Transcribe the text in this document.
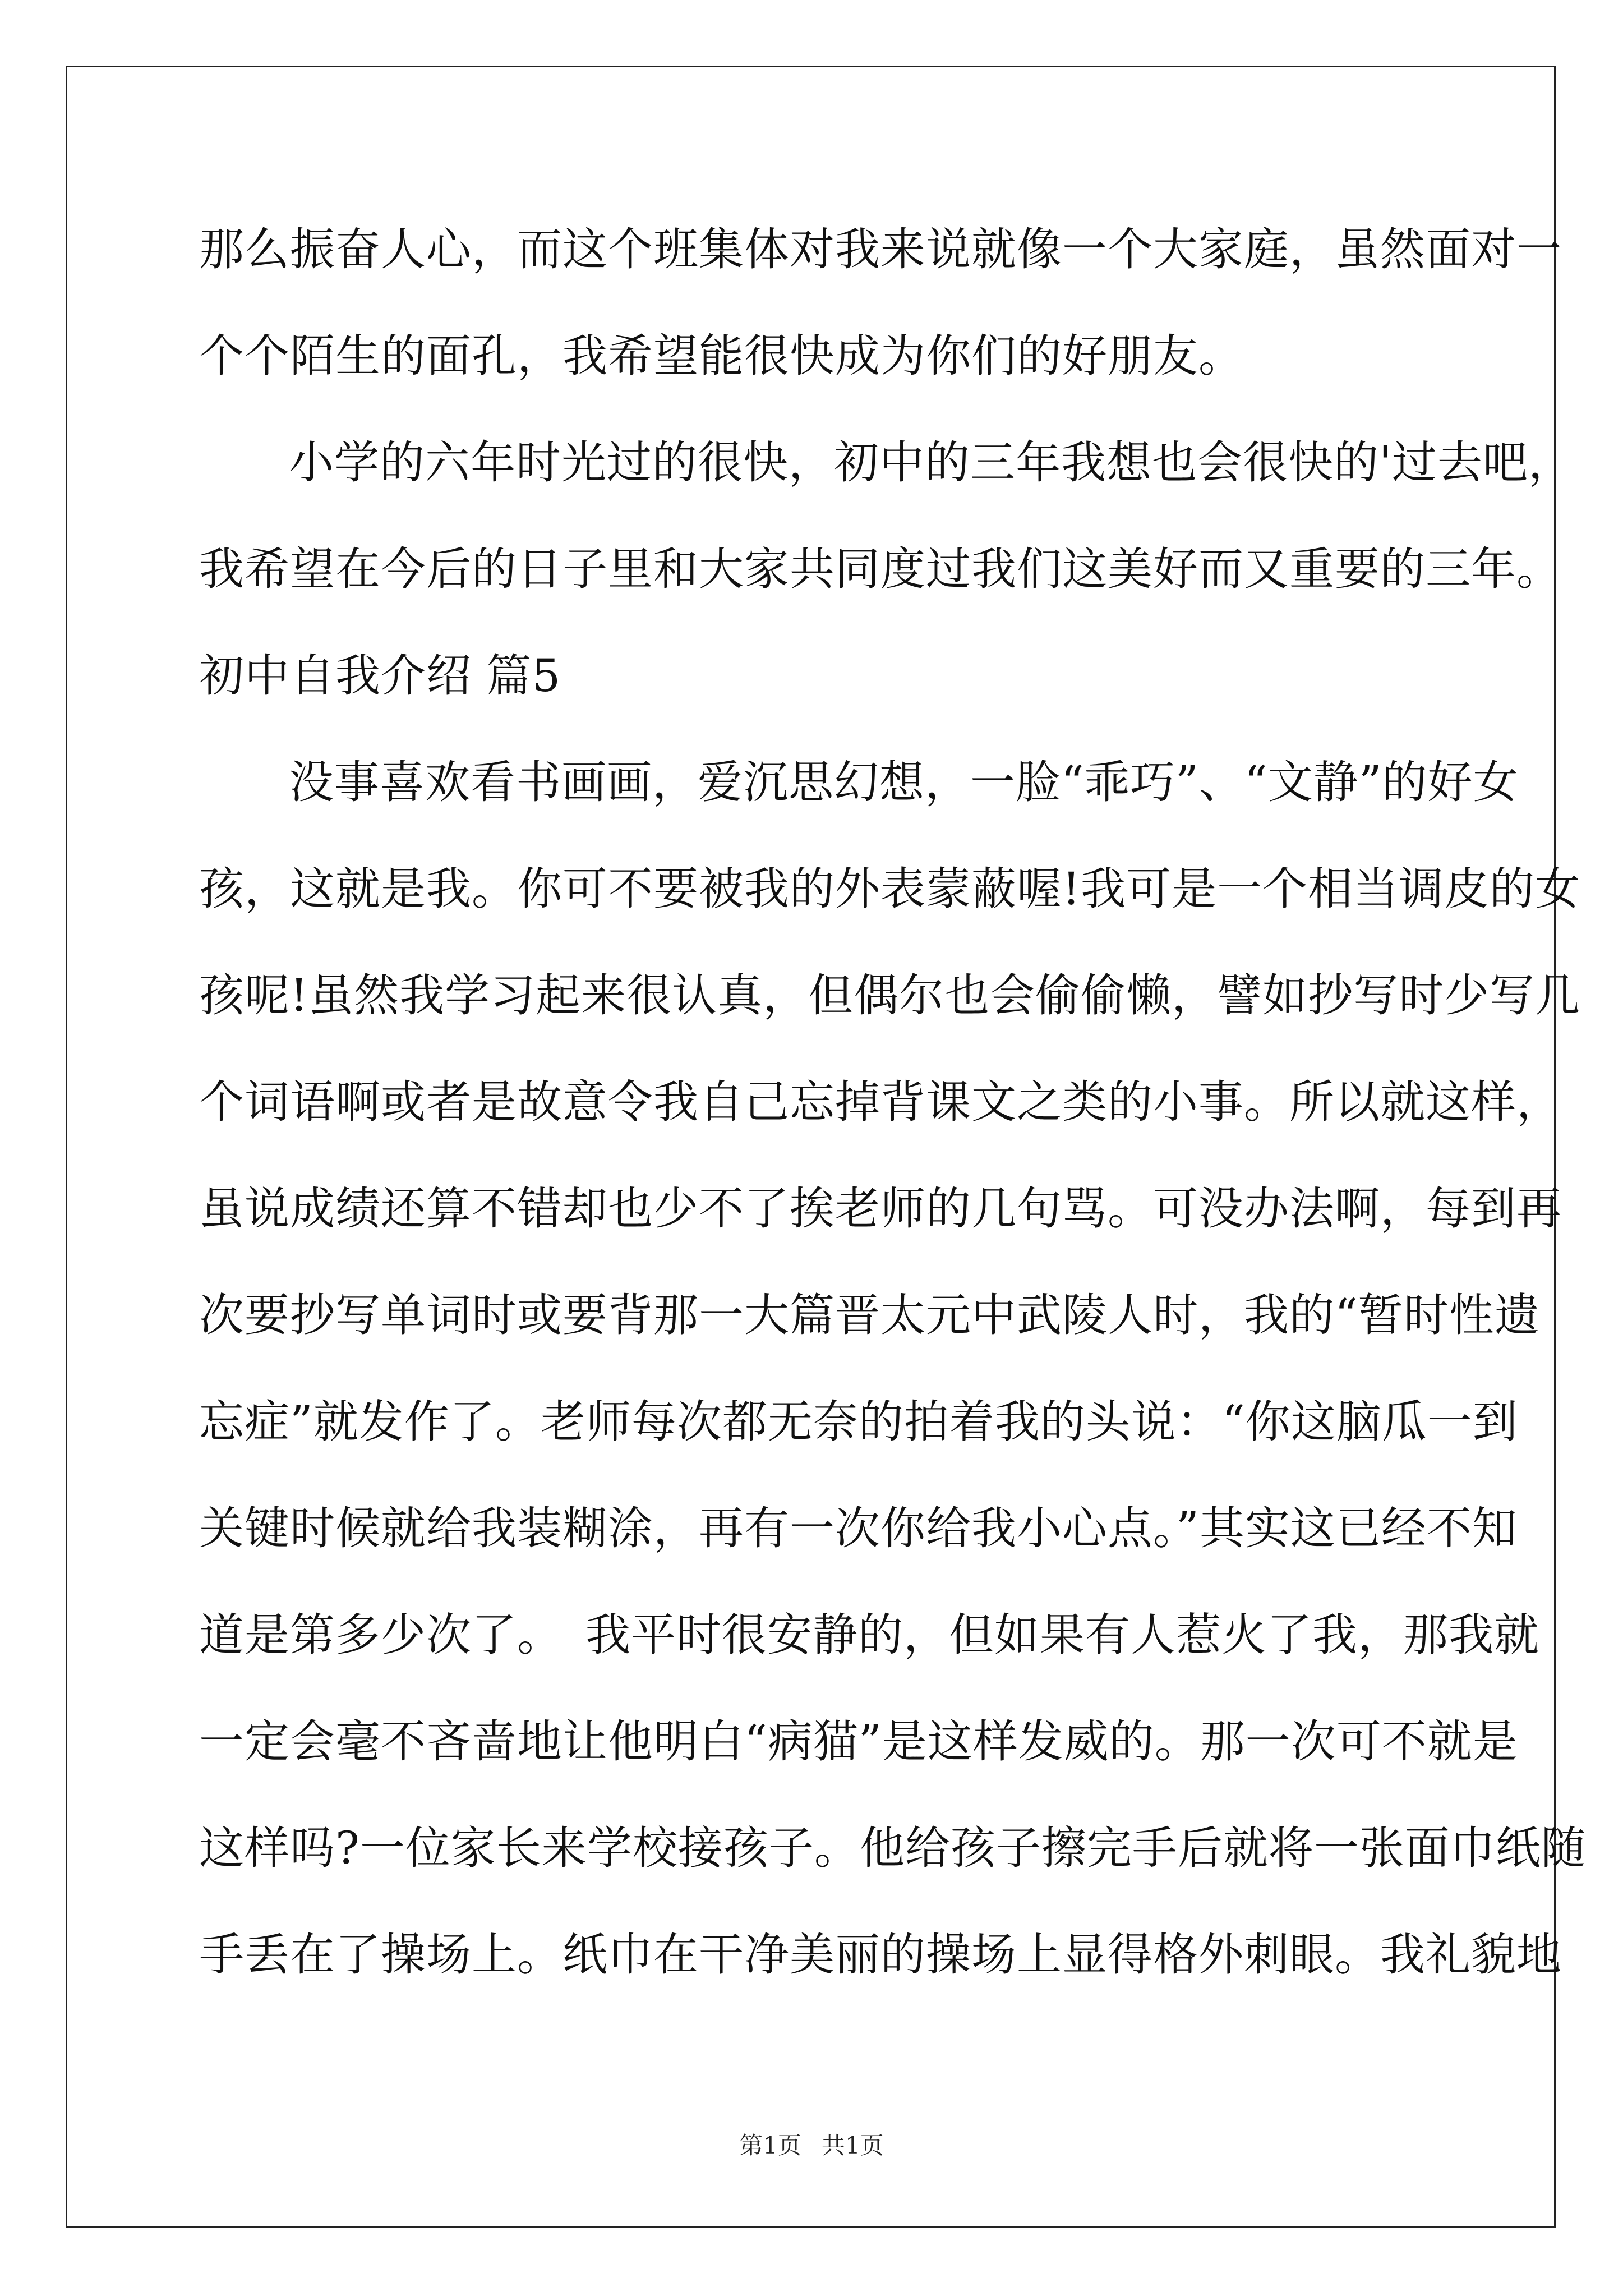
那么振奋人心，而这个班集体对我来说就像一个大家庭，虽然面对一
个个陌生的面孔，我希望能很快成为你们的好朋友。
小学的六年时光过的很快，初中的三年我想也会很快的'过去吧，
我希望在今后的日子里和大家共同度过我们这美好而又重要的三年。
初中自我介绍 篇5
没事喜欢看书画画，爱沉思幻想，一脸“乖巧”、“文静”的好女
孩，这就是我。你可不要被我的外表蒙蔽喔!我可是一个相当调皮的女
孩呢!虽然我学习起来很认真，但偶尔也会偷偷懒，譬如抄写时少写几
个词语啊或者是故意令我自己忘掉背课文之类的小事。所以就这样，
虽说成绩还算不错却也少不了挨老师的几句骂。可没办法啊，每到再
次要抄写单词时或要背那一大篇晋太元中武陵人时，我的“暂时性遗
忘症”就发作了。老师每次都无奈的拍着我的头说：“你这脑瓜一到
关键时候就给我装糊涂，再有一次你给我小心点。”其实这已经不知
道是第多少次了。　我平时很安静的，但如果有人惹火了我，那我就
一定会毫不吝啬地让他明白“病猫”是这样发威的。那一次可不就是
这样吗?一位家长来学校接孩子。他给孩子擦完手后就将一张面巾纸随
手丢在了操场上。纸巾在干净美丽的操场上显得格外刺眼。我礼貌地
第1页 共1页
